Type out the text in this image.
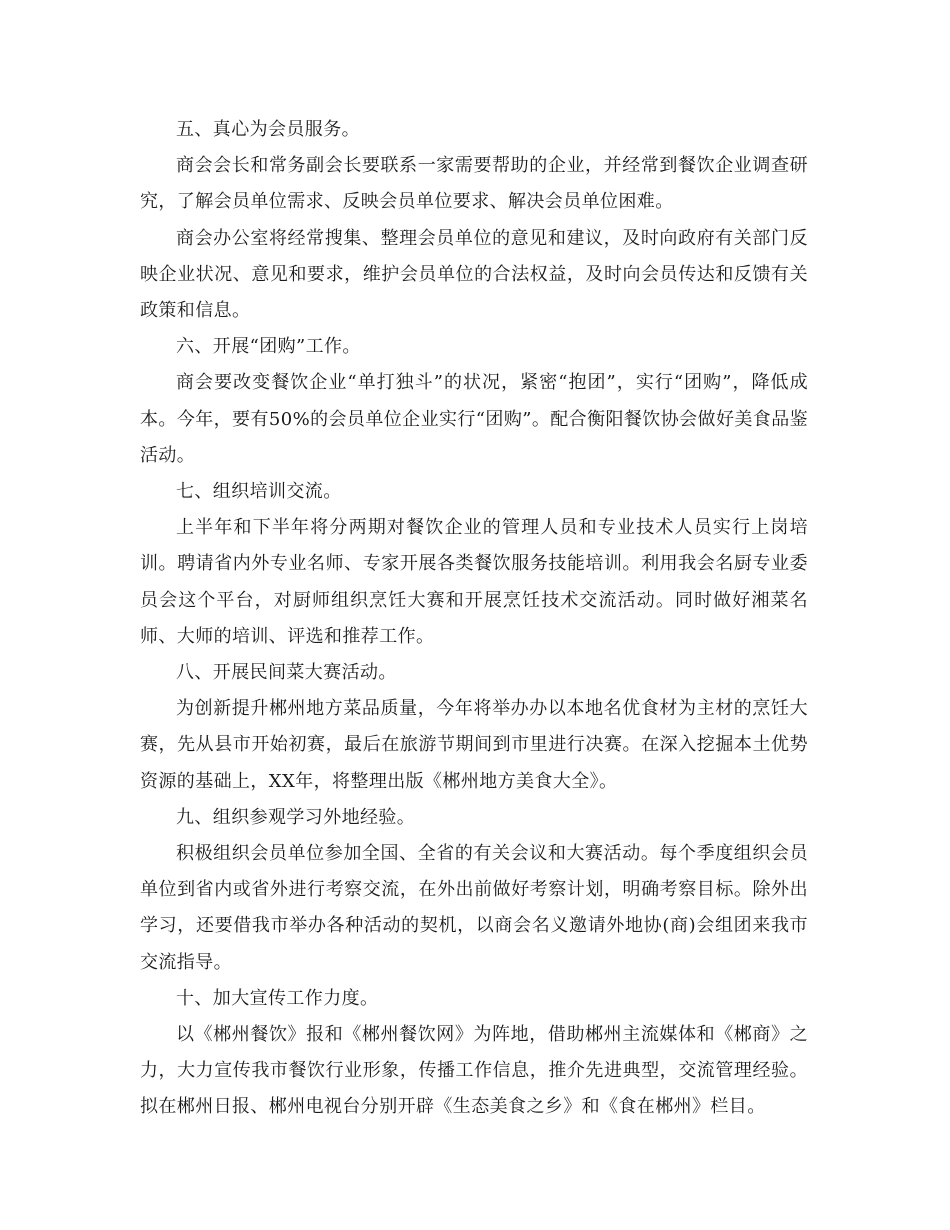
五、真心为会员服务。

商会会长和常务副会长要联系一家需要帮助的企业，并经常到餐饮企业调查研究，了解会员单位需求、反映会员单位要求、解决会员单位困难。

商会办公室将经常搜集、整理会员单位的意见和建议，及时向政府有关部门反映企业状况、意见和要求，维护会员单位的合法权益，及时向会员传达和反馈有关政策和信息。

六、开展“团购”工作。

商会要改变餐饮企业“单打独斗”的状况，紧密“抱团”，实行“团购”，降低成本。今年，要有50%的会员单位企业实行“团购”。配合衡阳餐饮协会做好美食品鉴活动。

七、组织培训交流。

上半年和下半年将分两期对餐饮企业的管理人员和专业技术人员实行上岗培训。聘请省内外专业名师、专家开展各类餐饮服务技能培训。利用我会名厨专业委员会这个平台，对厨师组织烹饪大赛和开展烹饪技术交流活动。同时做好湘菜名师、大师的培训、评选和推荐工作。

八、开展民间菜大赛活动。

为创新提升郴州地方菜品质量，今年将举办办以本地名优食材为主材的烹饪大赛，先从县市开始初赛，最后在旅游节期间到市里进行决赛。在深入挖掘本土优势资源的基础上，XX年，将整理出版《郴州地方美食大全》。

九、组织参观学习外地经验。

积极组织会员单位参加全国、全省的有关会议和大赛活动。每个季度组织会员单位到省内或省外进行考察交流，在外出前做好考察计划，明确考察目标。除外出学习，还要借我市举办各种活动的契机，以商会名义邀请外地协(商)会组团来我市交流指导。

十、加大宣传工作力度。

以《郴州餐饮》报和《郴州餐饮网》为阵地，借助郴州主流媒体和《郴商》之力，大力宣传我市餐饮行业形象，传播工作信息，推介先进典型，交流管理经验。拟在郴州日报、郴州电视台分别开辟《生态美食之乡》和《食在郴州》栏目。
